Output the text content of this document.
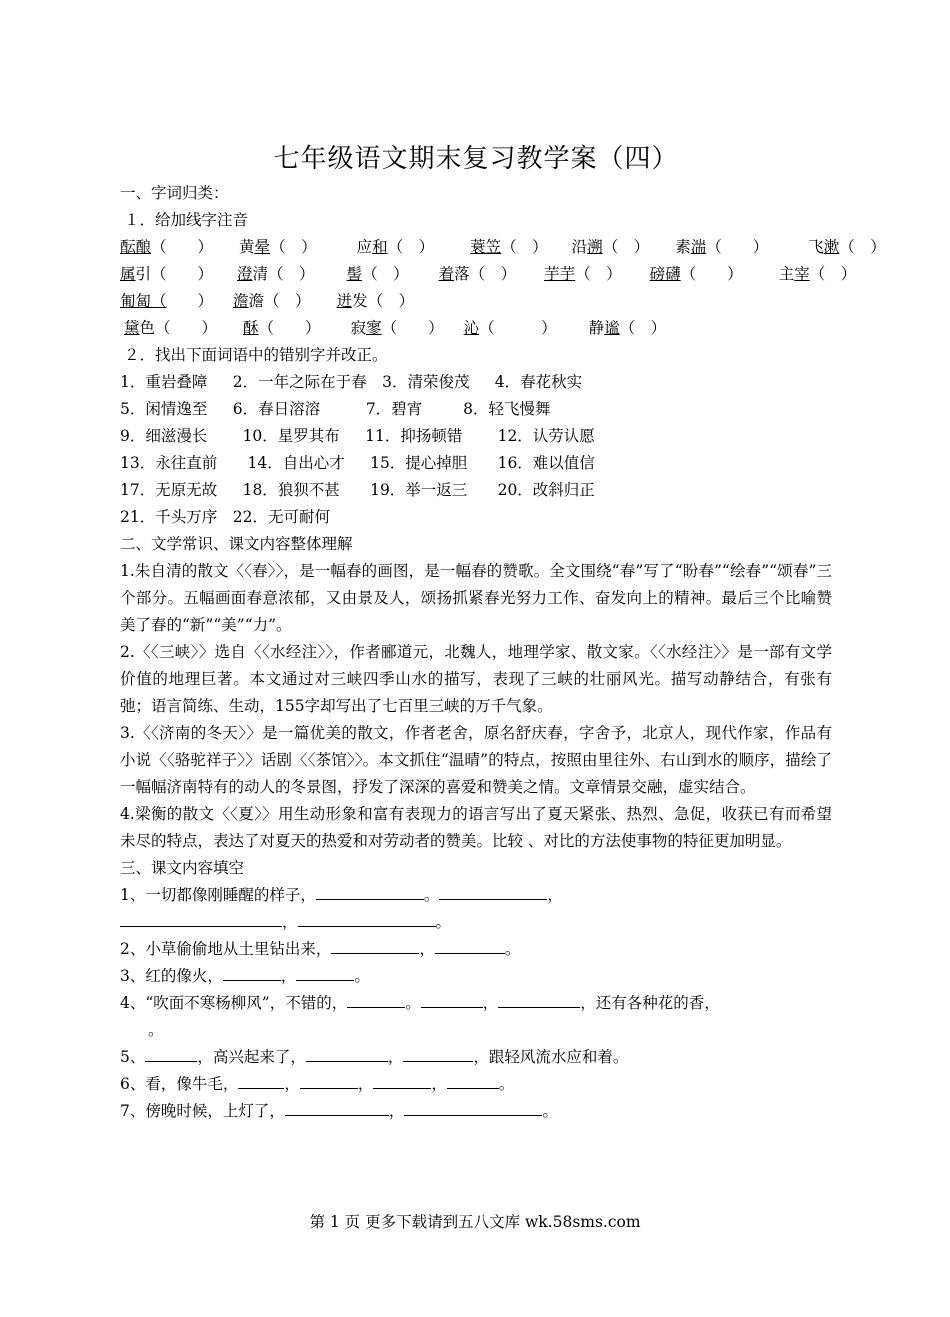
七年级语文期末复习教学案（四）
一、字词归类：
１．给加线字注音
酝酿（　　） 黄晕（　）	应和（　） 蓑笠（　） 沿溯（　） 素湍（　　）	飞漱（　）
属引（　　） 澄清（　） 髻（　） 着落（　） 芋芋（　） 磅礴（　　） 主宰（　）
匍匐（　　） 澹澹（　） 迸发（　）
黛色（　　） 酥（　　） 寂寥（　　） 沁（　　　） 静谧（　）
２．找出下面词语中的错别字并改正。
1．重岩叠障　  2．一年之际在于春　3．清荣俊茂　  4．春花秋实
5．闲情逸至　  6．春日溶溶　　   7．碧宵　　  8．轻飞慢舞
9．细滋漫长　    10．星罗其布　  11．抑扬顿错　    12．认劳认愿
13．永往直前　   14．自出心才　  15．提心掉胆　   16．难以值信
17．无原无故　  18．狼狈不甚　   19．举一返三　   20．改斜归正
21．千头万序　22．无可耐何
二、文学常识、课文内容整体理解
1.朱自清的散文〈〈春〉〉，是一幅春的画图，是一幅春的赞歌。全文围绕“春”写了“盼春”“绘春”“颂春”三个部分。五幅画面春意浓郁，又由景及人，颂扬抓紧春光努力工作、奋发向上的精神。最后三个比喻赞美了春的“新”“美”“力”。
2.〈〈三峡〉〉选自〈〈水经注〉〉，作者郦道元，北魏人，地理学家、散文家。〈〈水经注〉〉是一部有文学价值的地理巨著。本文通过对三峡四季山水的描写，表现了三峡的壮丽风光。描写动静结合，有张有弛；语言简练、生动，155字却写出了七百里三峡的万千气象。
3.〈〈济南的冬天〉〉是一篇优美的散文，作者老舍，原名舒庆春，字舍予，北京人，现代作家，作品有小说〈〈骆驼祥子〉〉话剧〈〈茶馆〉〉。本文抓住“温晴”的特点，按照由里往外、右山到水的顺序，描绘了一幅幅济南特有的动人的冬景图，抒发了深深的喜爱和赞美之情。文章情景交融，虚实结合。
4.梁衡的散文〈〈夏〉〉用生动形象和富有表现力的语言写出了夏天紧张、热烈、急促，收获已有而希望未尽的特点，表达了对夏天的热爱和对劳动者的赞美。比较 、对比的方法使事物的特征更加明显。
三、课文内容填空
1、一切都像刚睡醒的样子，	。	，
，	。
2、小草偷偷地从土里钻出来，	，	。
3、红的像火，	，	。
4、“吹面不寒杨柳风”，不错的，	。	，	，还有各种花的香，
。
5、	，高兴起来了，	，	，跟轻风流水应和着。
6、看，像牛毛，	，	，	，	。
7、傍晚时候，上灯了，	，	。
第 1 页 更多下载请到五八文库 wk.58sms.com
